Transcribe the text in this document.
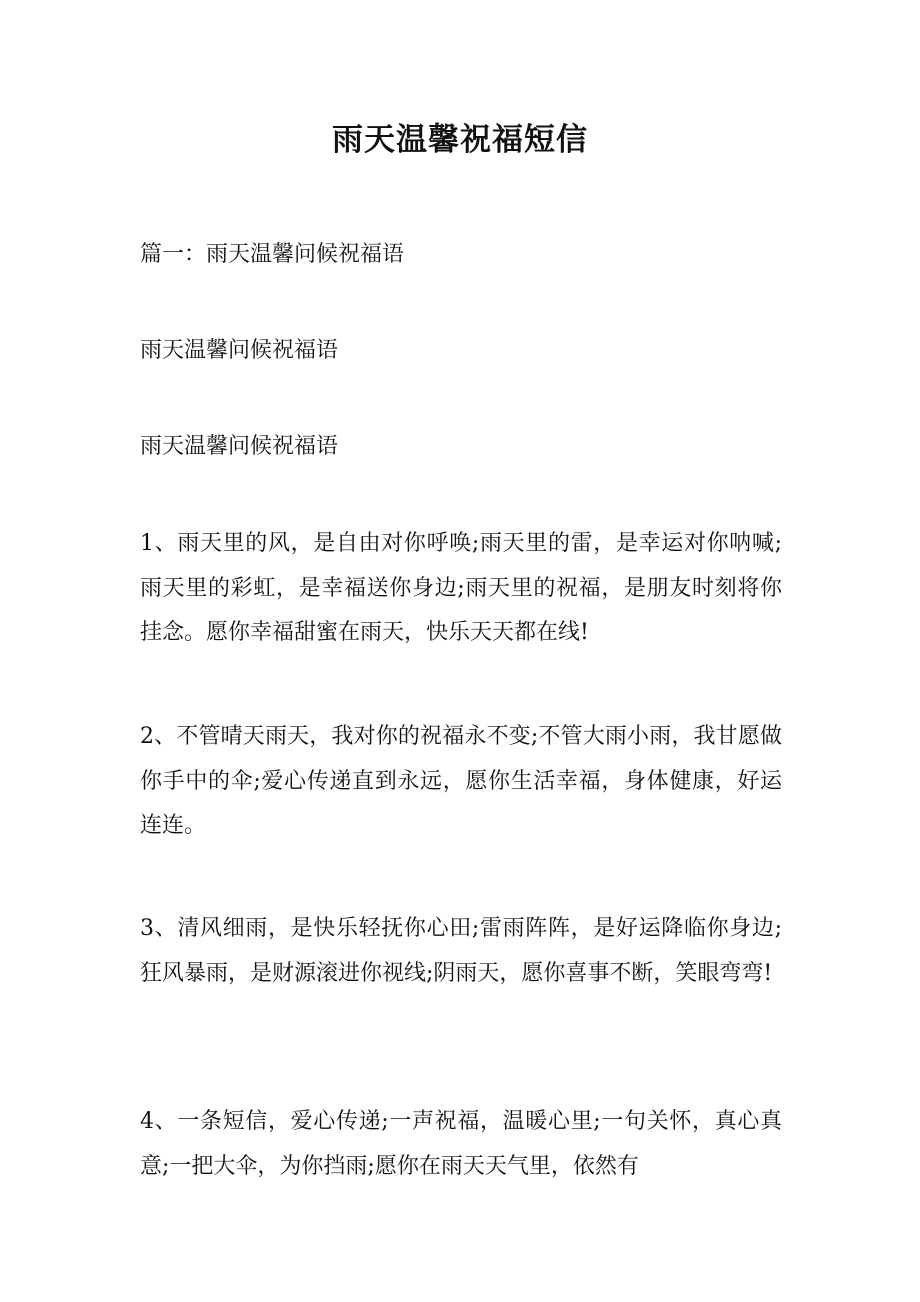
雨天温馨祝福短信

篇一：雨天温馨问候祝福语

雨天温馨问候祝福语

雨天温馨问候祝福语

1、雨天里的风，是自由对你呼唤;雨天里的雷，是幸运对你呐喊;雨天里的彩虹，是幸福送你身边;雨天里的祝福，是朋友时刻将你挂念。愿你幸福甜蜜在雨天，快乐天天都在线!

2、不管晴天雨天，我对你的祝福永不变;不管大雨小雨，我甘愿做你手中的伞;爱心传递直到永远，愿你生活幸福，身体健康，好运连连。

3、清风细雨，是快乐轻抚你心田;雷雨阵阵，是好运降临你身边;狂风暴雨，是财源滚进你视线;阴雨天，愿你喜事不断，笑眼弯弯!

4、一条短信，爱心传递;一声祝福，温暖心里;一句关怀，真心真意;一把大伞，为你挡雨;愿你在雨天天气里，依然有
